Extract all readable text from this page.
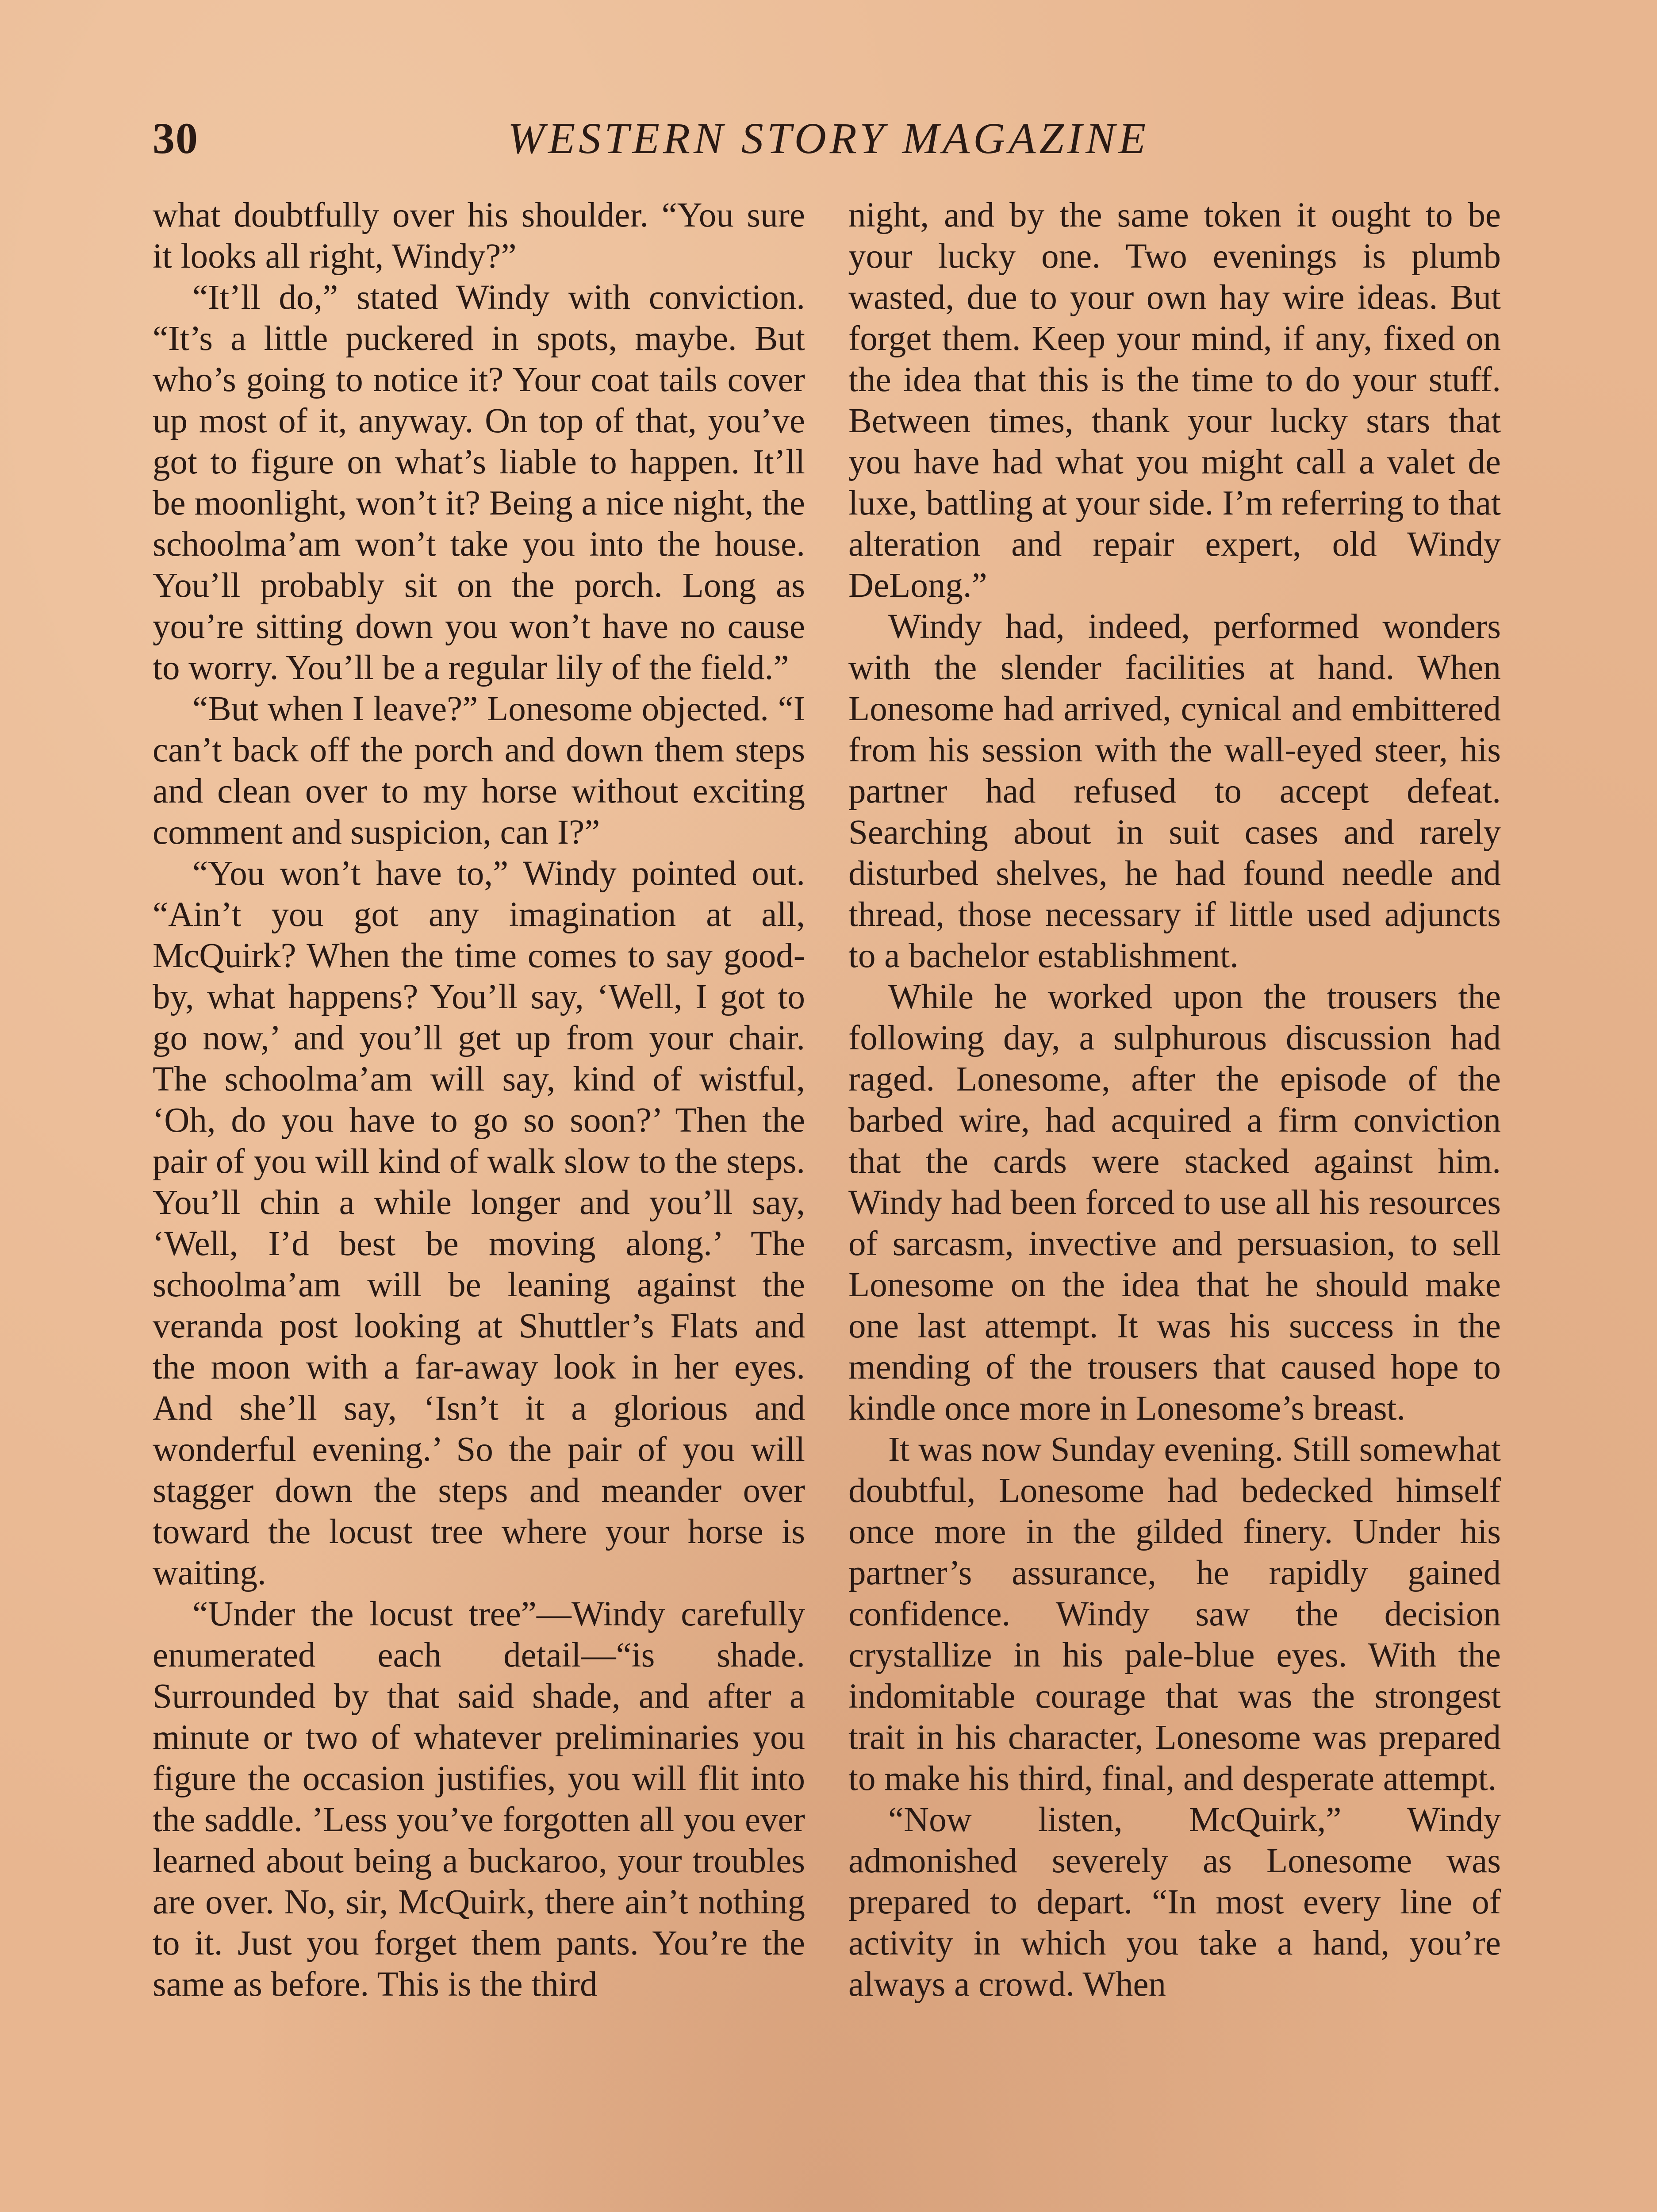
WESTERN STORY MAGAZINE
30

what doubtfully over his shoulder. “You sure it looks all right, Windy?”

“It’ll do,” stated Windy with conviction. “It’s a little puckered in spots, maybe. But who’s going to notice it? Your coat tails cover up most of it, anyway. On top of that, you’ve got to figure on what’s liable to happen. It’ll be moonlight, won’t it? Being a nice night, the schoolma’am won’t take you into the house. You’ll probably sit on the porch. Long as you’re sitting down you won’t have no cause to worry. You’ll be a regular lily of the field.”

“But when I leave?” Lonesome objected. “I can’t back off the porch and down them steps and clean over to my horse without exciting comment and suspicion, can I?”

“You won’t have to,” Windy pointed out. “Ain’t you got any imagination at all, McQuirk? When the time comes to say good-by, what happens? You’ll say, ‘Well, I got to go now,’ and you’ll get up from your chair. The schoolma’am will say, kind of wistful, ‘Oh, do you have to go so soon?’ Then the pair of you will kind of walk slow to the steps. You’ll chin a while longer and you’ll say, ‘Well, I’d best be moving along.’ The schoolma’am will be leaning against the veranda post looking at Shuttler’s Flats and the moon with a far-away look in her eyes. And she’ll say, ‘Isn’t it a glorious and wonderful evening.’ So the pair of you will stagger down the steps and meander over toward the locust tree where your horse is waiting.

“Under the locust tree”—Windy carefully enumerated each detail—“is shade. Surrounded by that said shade, and after a minute or two of whatever preliminaries you figure the occasion justifies, you will flit into the saddle. ’Less you’ve forgotten all you ever learned about being a buckaroo, your troubles are over. No, sir, McQuirk, there ain’t nothing to it. Just you forget them pants. You’re the same as before. This is the third

night, and by the same token it ought to be your lucky one. Two evenings is plumb wasted, due to your own hay wire ideas. But forget them. Keep your mind, if any, fixed on the idea that this is the time to do your stuff. Between times, thank your lucky stars that you have had what you might call a valet de luxe, battling at your side. I’m referring to that alteration and repair expert, old Windy DeLong.”

Windy had, indeed, performed wonders with the slender facilities at hand. When Lonesome had arrived, cynical and embittered from his session with the wall-eyed steer, his partner had refused to accept defeat. Searching about in suit cases and rarely disturbed shelves, he had found needle and thread, those necessary if little used adjuncts to a bachelor establishment.

While he worked upon the trousers the following day, a sulphurous discussion had raged. Lonesome, after the episode of the barbed wire, had acquired a firm conviction that the cards were stacked against him. Windy had been forced to use all his resources of sarcasm, invective and persuasion, to sell Lonesome on the idea that he should make one last attempt. It was his success in the mending of the trousers that caused hope to kindle once more in Lonesome’s breast.

It was now Sunday evening. Still somewhat doubtful, Lonesome had bedecked himself once more in the gilded finery. Under his partner’s assurance, he rapidly gained confidence. Windy saw the decision crystallize in his pale-blue eyes. With the indomitable courage that was the strongest trait in his character, Lonesome was prepared to make his third, final, and desperate attempt.

“Now listen, McQuirk,” Windy admonished severely as Lonesome was prepared to depart. “In most every line of activity in which you take a hand, you’re always a crowd. When
